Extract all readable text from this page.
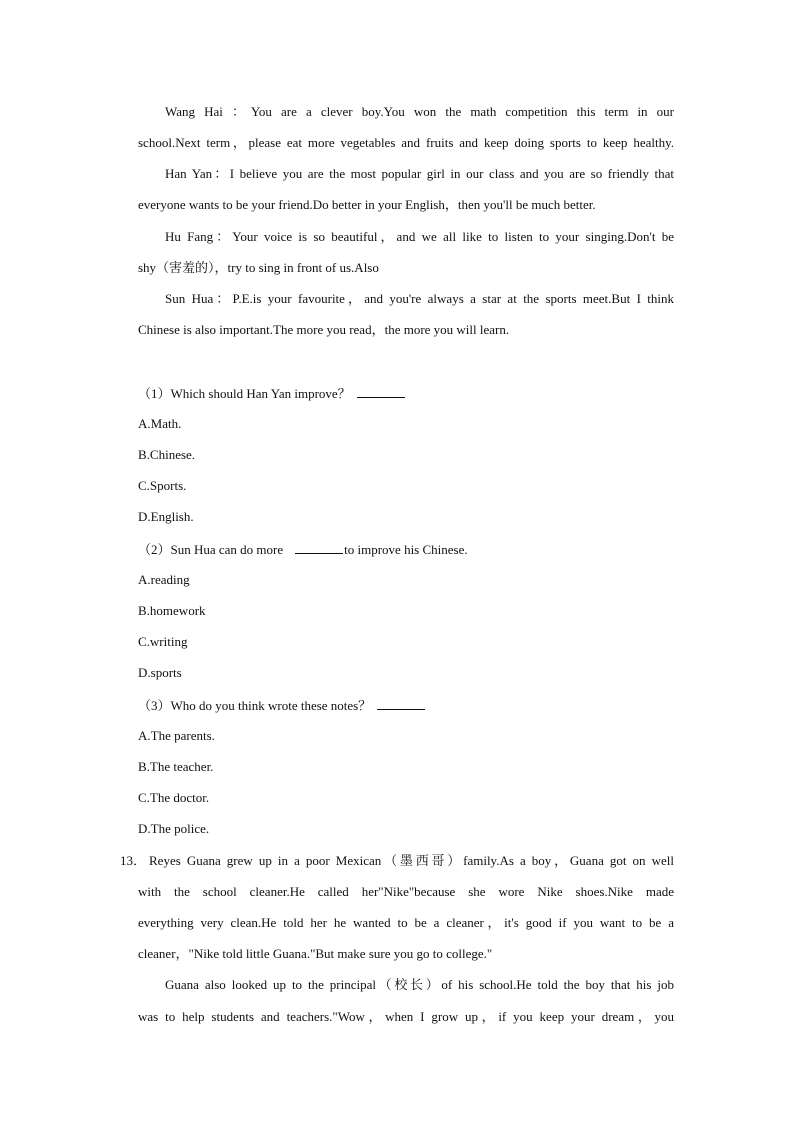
Wang Hai ：You are a clever boy.You won the math competition this term in our
school.Next term，please eat more vegetables and fruits and keep doing sports to keep healthy.
Han Yan：I believe you are the most popular girl in our class and you are so friendly that
everyone wants to be your friend.Do better in your English，then you'll be much better.
Hu Fang：Your voice is so beautiful，and we all like to listen to your singing.Don't be
shy（害羞的），try to sing in front of us.Also
Sun Hua：P.E.is your favourite，and you're always a star at the sports meet.But I think
Chinese is also important.The more you read，the more you will learn.
（1）Which should Han Yan improve？
A.Math.
B.Chinese.
C.Sports.
D.English.
（2）Sun Hua can do more	to improve his Chinese.
A.reading
B.homework
C.writing
D.sports
（3）Who do you think wrote these notes？
A.The parents.
B.The teacher.
C.The doctor.
D.The police.
13． Reyes Guana grew up in a poor Mexican（墨西哥）family.As a boy，Guana got on well
with the school cleaner.He called her"Nike"because she wore Nike shoes.Nike made
everything very clean.He told her he wanted to be a cleaner，it's good if you want to be a
cleaner，"Nike told little Guana."But make sure you go to college."
Guana also looked up to the principal（校长）of his school.He told the boy that his job
was to help students and teachers."Wow，when I grow up，if you keep your dream，you
